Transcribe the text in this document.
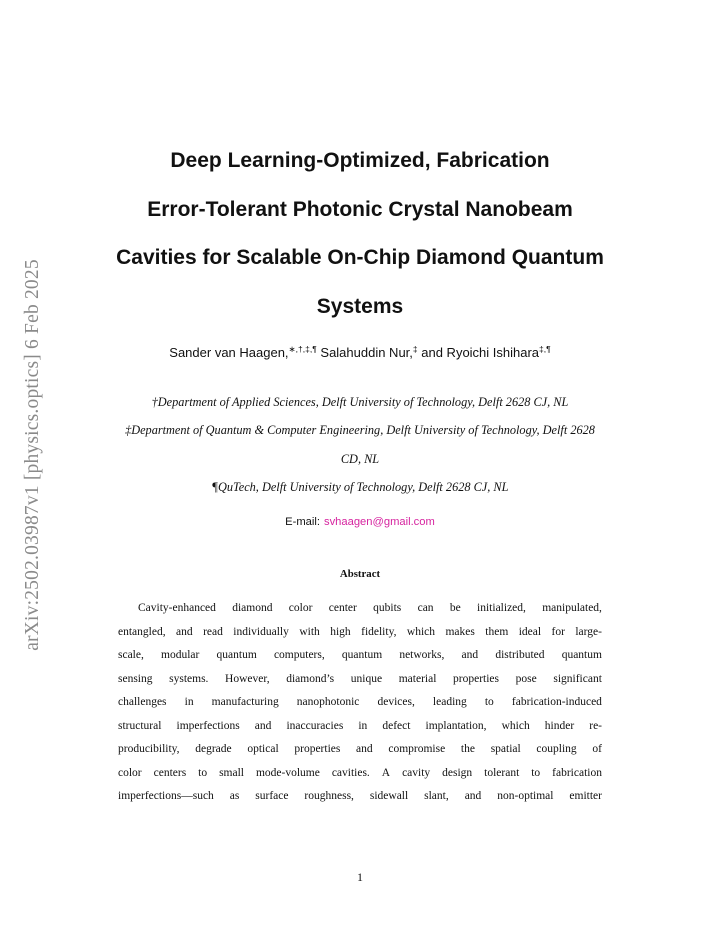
arXiv:2502.03987v1 [physics.optics] 6 Feb 2025
Deep Learning-Optimized, Fabrication
Error-Tolerant Photonic Crystal Nanobeam
Cavities for Scalable On-Chip Diamond Quantum
Systems
Sander van Haagen,∗,†,‡,¶ Salahuddin Nur,‡ and Ryoichi Ishihara‡,¶
†Department of Applied Sciences, Delft University of Technology, Delft 2628 CJ, NL
‡Department of Quantum & Computer Engineering, Delft University of Technology, Delft 2628
CD, NL
¶QuTech, Delft University of Technology, Delft 2628 CJ, NL
E-mail: svhaagen@gmail.com
Abstract
Cavity-enhanced diamond color center qubits can be initialized, manipulated,
entangled, and read individually with high fidelity, which makes them ideal for large-
scale, modular quantum computers, quantum networks, and distributed quantum
sensing systems. However, diamond’s unique material properties pose significant
challenges in manufacturing nanophotonic devices, leading to fabrication-induced
structural imperfections and inaccuracies in defect implantation, which hinder re-
producibility, degrade optical properties and compromise the spatial coupling of
color centers to small mode-volume cavities. A cavity design tolerant to fabrication
imperfections—such as surface roughness, sidewall slant, and non-optimal emitter
1
